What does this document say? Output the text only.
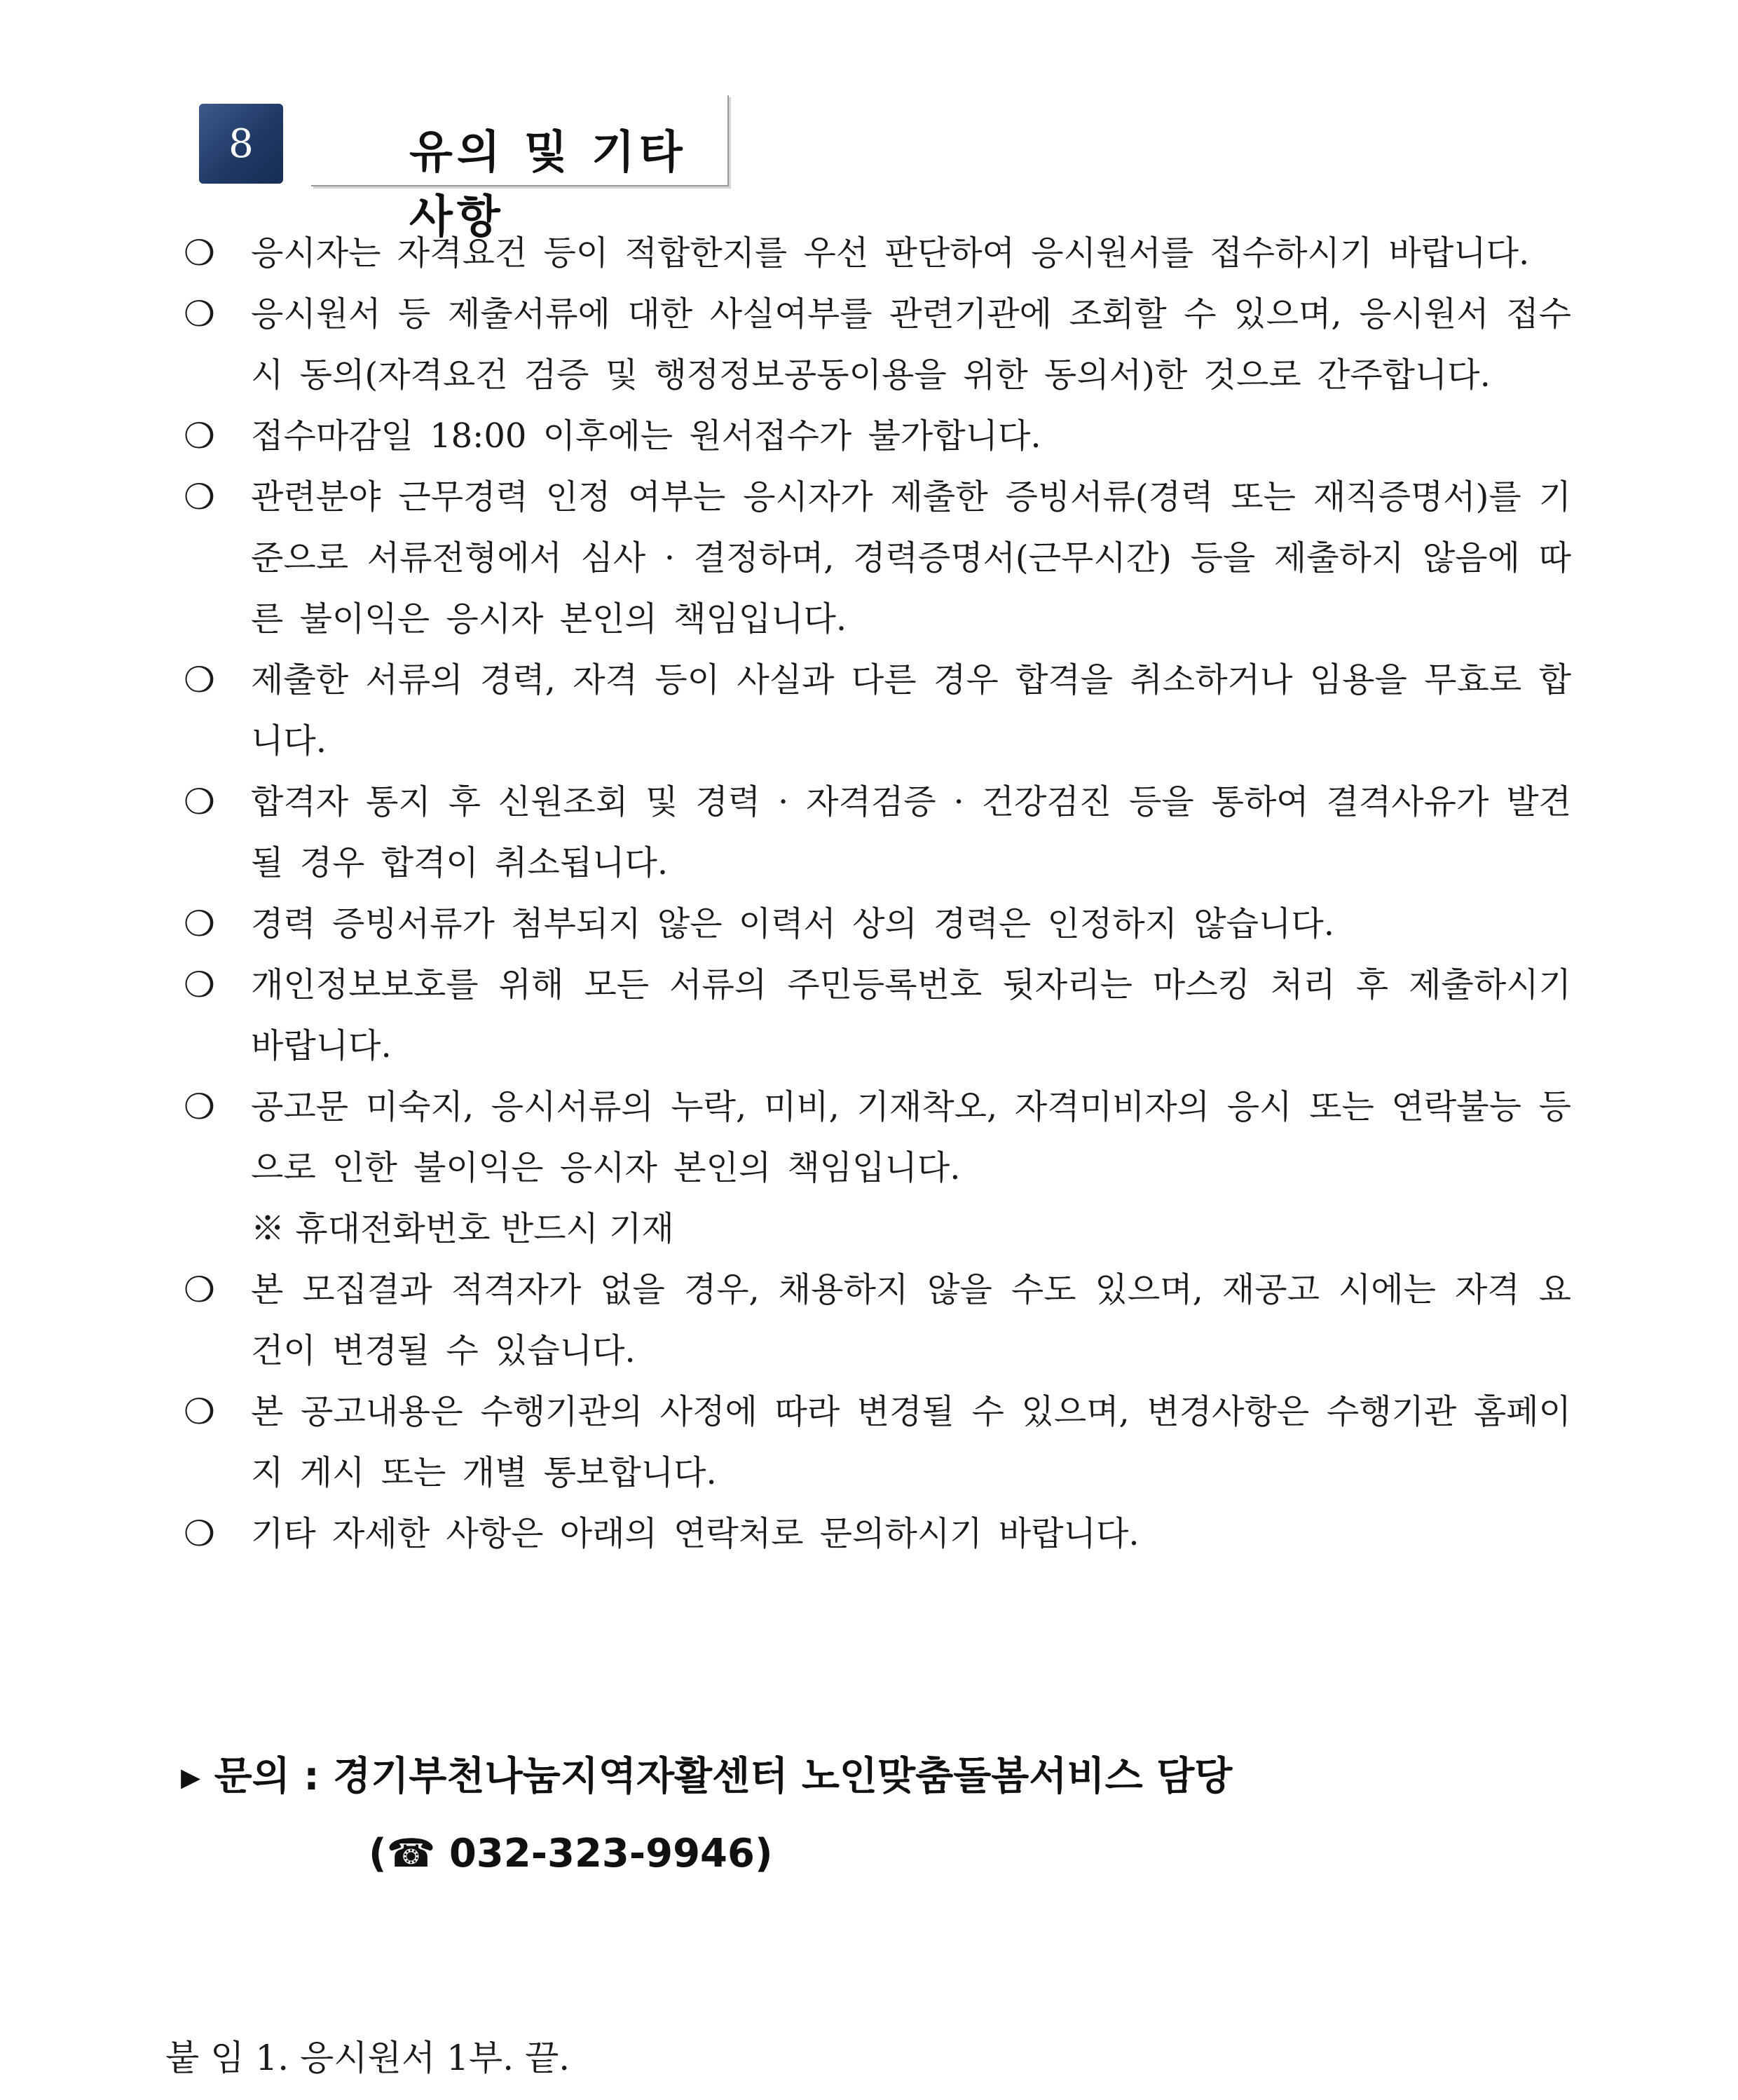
8	유의 및 기타사항
❍ 응시자는 자격요건 등이 적합한지를 우선 판단하여 응시원서를 접수하시기 바랍니다.
❍ 응시원서 등 제출서류에 대한 사실여부를 관련기관에 조회할 수 있으며, 응시원서 접수 시 동의(자격요건 검증 및 행정정보공동이용을 위한 동의서)한 것으로 간주합니다.
❍ 접수마감일 18:00 이후에는 원서접수가 불가합니다.
❍ 관련분야 근무경력 인정 여부는 응시자가 제출한 증빙서류(경력 또는 재직증명서)를 기준으로 서류전형에서 심사 · 결정하며, 경력증명서(근무시간) 등을 제출하지 않음에 따른 불이익은 응시자 본인의 책임입니다.
❍ 제출한 서류의 경력, 자격 등이 사실과 다른 경우 합격을 취소하거나 임용을 무효로 합니다.
❍ 합격자 통지 후 신원조회 및 경력 · 자격검증 · 건강검진 등을 통하여 결격사유가 발견될 경우 합격이 취소됩니다.
❍ 경력 증빙서류가 첨부되지 않은 이력서 상의 경력은 인정하지 않습니다.
❍ 개인정보보호를 위해 모든 서류의 주민등록번호 뒷자리는 마스킹 처리 후 제출하시기 바랍니다.
❍ 공고문 미숙지, 응시서류의 누락, 미비, 기재착오, 자격미비자의 응시 또는 연락불능 등으로 인한 불이익은 응시자 본인의 책임입니다.
※ 휴대전화번호 반드시 기재
❍ 본 모집결과 적격자가 없을 경우, 채용하지 않을 수도 있으며, 재공고 시에는 자격 요건이 변경될 수 있습니다.
❍ 본 공고내용은 수행기관의 사정에 따라 변경될 수 있으며, 변경사항은 수행기관 홈페이지 게시 또는 개별 통보합니다.
❍ 기타 자세한 사항은 아래의 연락처로 문의하시기 바랍니다.
▸ 문의 : 경기부천나눔지역자활센터 노인맞춤돌봄서비스 담당
(☎ 032-323-9946)
붙 임 1. 응시원서 1부. 끝.
